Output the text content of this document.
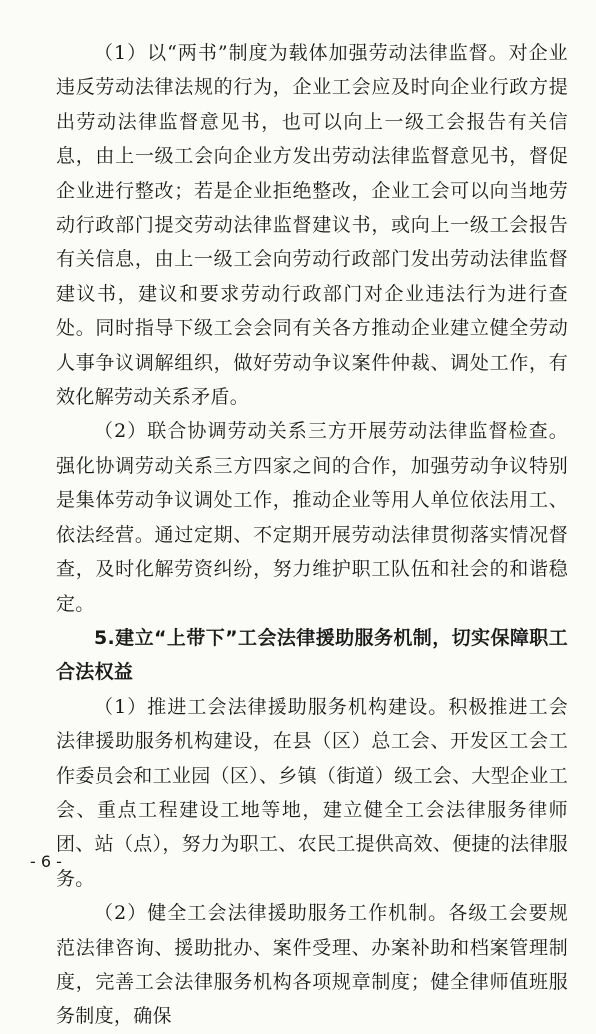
（1）以“两书”制度为载体加强劳动法律监督。对企业违反劳动法律法规的行为，企业工会应及时向企业行政方提出劳动法律监督意见书，也可以向上一级工会报告有关信息，由上一级工会向企业方发出劳动法律监督意见书，督促企业进行整改；若是企业拒绝整改，企业工会可以向当地劳动行政部门提交劳动法律监督建议书，或向上一级工会报告有关信息，由上一级工会向劳动行政部门发出劳动法律监督建议书，建议和要求劳动行政部门对企业违法行为进行查处。同时指导下级工会会同有关各方推动企业建立健全劳动人事争议调解组织，做好劳动争议案件仲裁、调处工作，有效化解劳动关系矛盾。

（2）联合协调劳动关系三方开展劳动法律监督检查。强化协调劳动关系三方四家之间的合作，加强劳动争议特别是集体劳动争议调处工作，推动企业等用人单位依法用工、依法经营。通过定期、不定期开展劳动法律贯彻落实情况督查，及时化解劳资纠纷，努力维护职工队伍和社会的和谐稳定。

5.建立“上带下”工会法律援助服务机制，切实保障职工合法权益

（1）推进工会法律援助服务机构建设。积极推进工会法律援助服务机构建设，在县（区）总工会、开发区工会工作委员会和工业园（区）、乡镇（街道）级工会、大型企业工会、重点工程建设工地等地，建立健全工会法律服务律师团、站（点），努力为职工、农民工提供高效、便捷的法律服务。

（2）健全工会法律援助服务工作机制。各级工会要规范法律咨询、援助批办、案件受理、办案补助和档案管理制度，完善工会法律服务机构各项规章制度；健全律师值班服务制度，确保

- 6 -
